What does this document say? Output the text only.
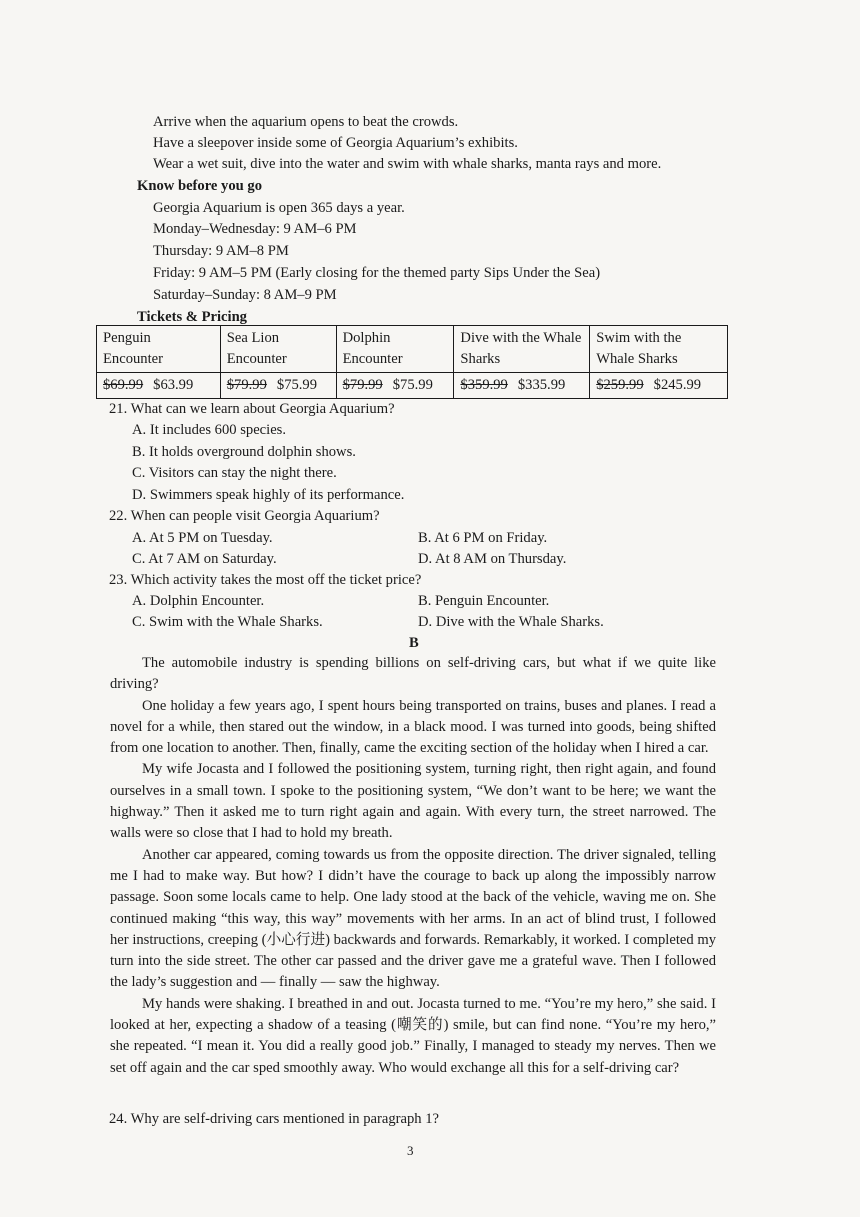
Arrive when the aquarium opens to beat the crowds.
Have a sleepover inside some of Georgia Aquarium’s exhibits.
Wear a wet suit, dive into the water and swim with whale sharks, manta rays and more.
Know before you go
Georgia Aquarium is open 365 days a year.
Monday–Wednesday: 9 AM–6 PM
Thursday: 9 AM–8 PM
Friday: 9 AM–5 PM (Early closing for the themed party Sips Under the Sea)
Saturday–Sunday: 8 AM–9 PM
Tickets & Pricing
Penguin Encounter	Sea Lion Encounter	Dolphin Encounter	Dive with the Whale Sharks	Swim with the Whale Sharks
$69.99 $63.99	$79.99 $75.99	$79.99 $75.99	$359.99 $335.99	$259.99 $245.99
21. What can we learn about Georgia Aquarium?
A. It includes 600 species.
B. It holds overground dolphin shows.
C. Visitors can stay the night there.
D. Swimmers speak highly of its performance.
22. When can people visit Georgia Aquarium?
A. At 5 PM on Tuesday.	B. At 6 PM on Friday.
C. At 7 AM on Saturday.	D. At 8 AM on Thursday.
23. Which activity takes the most off the ticket price?
A. Dolphin Encounter.	B. Penguin Encounter.
C. Swim with the Whale Sharks.	D. Dive with the Whale Sharks.
B

The automobile industry is spending billions on self-driving cars, but what if we quite like driving?

One holiday a few years ago, I spent hours being transported on trains, buses and planes. I read a novel for a while, then stared out the window, in a black mood. I was turned into goods, being shifted from one location to another. Then, finally, came the exciting section of the holiday when I hired a car.

My wife Jocasta and I followed the positioning system, turning right, then right again, and found ourselves in a small town. I spoke to the positioning system, “We don’t want to be here; we want the highway.” Then it asked me to turn right again and again. With every turn, the street narrowed. The walls were so close that I had to hold my breath.

Another car appeared, coming towards us from the opposite direction. The driver signaled, telling me I had to make way. But how? I didn’t have the courage to back up along the impossibly narrow passage. Soon some locals came to help. One lady stood at the back of the vehicle, waving me on. She continued making “this way, this way” movements with her arms. In an act of blind trust, I followed her instructions, creeping (小心行进) backwards and forwards. Remarkably, it worked. I completed my turn into the side street. The other car passed and the driver gave me a grateful wave. Then I followed the lady’s suggestion and — finally — saw the highway.

My hands were shaking. I breathed in and out. Jocasta turned to me. “You’re my hero,” she said. I looked at her, expecting a shadow of a teasing (嘲笑的) smile, but can find none. “You’re my hero,” she repeated. “I mean it. You did a really good job.” Finally, I managed to steady my nerves. Then we set off again and the car sped smoothly away. Who would exchange all this for a self-driving car?

24. Why are self-driving cars mentioned in paragraph 1?
3
